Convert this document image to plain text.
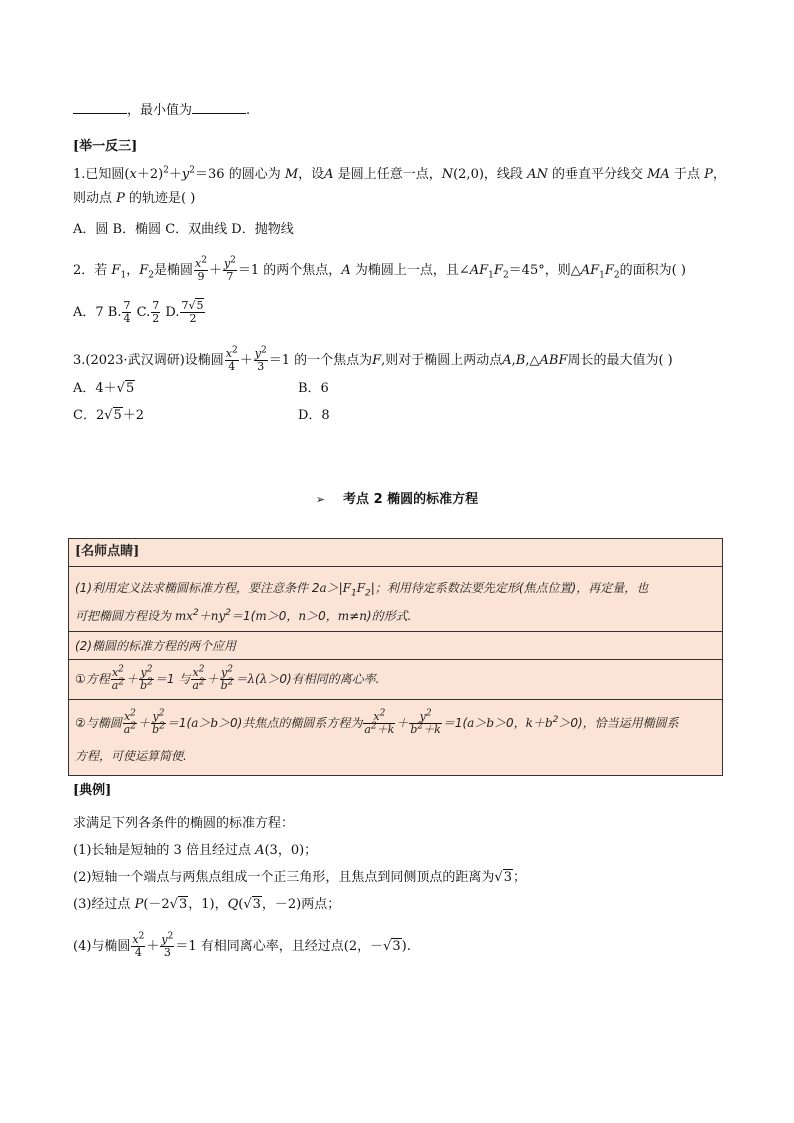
，最小值为	.
[举一反三]
1.已知圆$(x+2)^2+y^2=36$ 的圆心为 M，设A 是圆上任意一点，N(2,0)，线段 AN 的垂直平分线交 MA 于点 P，
则动点 P 的轨迹是( )
A．圆 B．椭圆 C．双曲线 D．抛物线
2．若 $F_1$，$F_2$是椭圆 $\frac{x^2}{9} + \frac{y^2}{7} =1$ 的两个焦点，A 为椭圆上一点，且$\angle AF_1F_2=45^\circ$，则$\triangle AF_1F_2$的面积为( )
A．7 B. $\frac{7}{4} C$. $\frac{7}{2} D$. $\frac{7√5}{2}$
3.(2023·武汉调研)设椭圆 $\frac{x^2}{4} + \frac{y^2}{3} =1$ 的一个焦点为F,则对于椭圆上两动点A,B,△ABF周长的最大值为( )
A．4＋√5	B．6
C．2√5＋2	D．8
➢ 考点 2 椭圆的标准方程
[名师点睛]
(1)利用定义法求椭圆标准方程，要注意条件 $2a>|F_1F_2|$；利用待定系数法要先定形(焦点位置)，再定量，也
可把椭圆方程设为 $mx^2+ny^2=1(m>0$，n＞0，m≠n)的形式.
(2)椭圆的标准方程的两个应用
①方程 $\frac{x^2}{a^2} + \frac{y^2}{b^2} =1$ 与 $\frac{x^2}{a^2} + \frac{y^2}{b^2} =\lambda(\lambda>0)$有相同的离心率.
②与椭圆 $\frac{x^2}{a^2} + \frac{y^2}{b^2} =1(a>b>0)$共焦点的椭圆系方程为 $\frac{x^2}{a^2+k} + \frac{y^2}{b^2+k} =1(a>b>0$，$k+b^2>0$)，恰当运用椭圆系
方程，可使运算简便.
[典例]
求满足下列各条件的椭圆的标准方程：
(1)长轴是短轴的 3 倍且经过点 A(3，0)；
(2)短轴一个端点与两焦点组成一个正三角形，且焦点到同侧顶点的距离为√3；
(3)经过点 P(－2√3，1)，Q(√3，－2)两点；
(4)与椭圆 $\frac{x^2}{4} + \frac{y^2}{3} =1$ 有相同离心率，且经过点(2，－√3).
